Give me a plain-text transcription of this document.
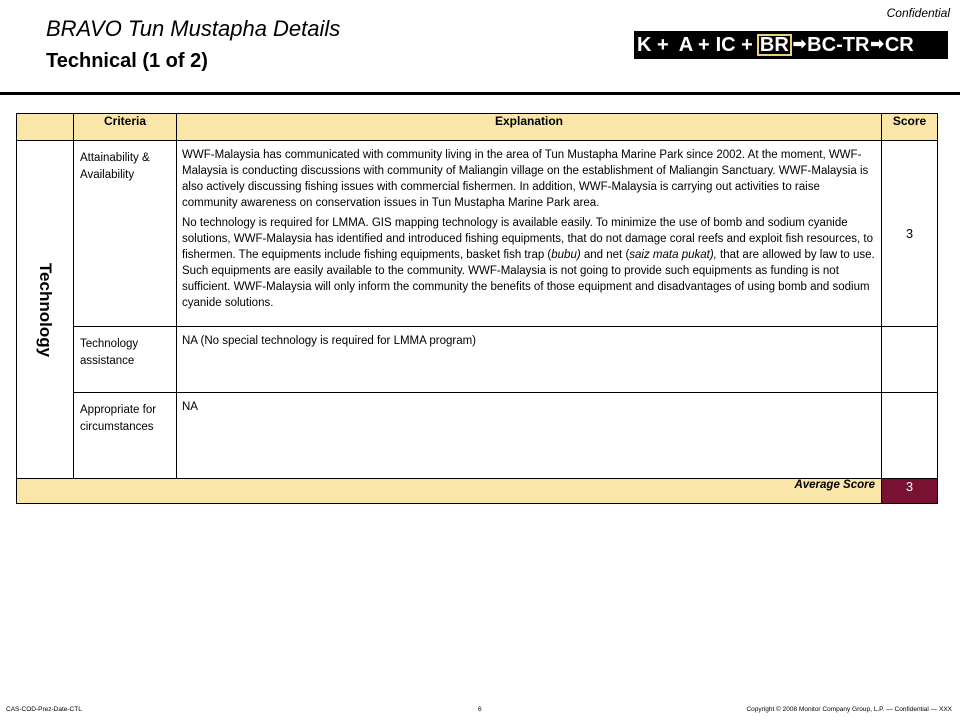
Confidential
BRAVO Tun Mustapha Details
Technical (1 of 2)
K + A + IC + BR ➡ BC - TR ➡ CR
	Criteria	Explanation	Score

Technology	Attainability & Availability	WWF-Malaysia has communicated with community living in the area of Tun Mustapha Marine Park since 2002. At the moment, WWF-Malaysia is conducting discussions with community of Maliangin village on the establishment of Maliangin Sanctuary. WWF-Malaysia is also actively discussing fishing issues with commercial fishermen. In addition, WWF-Malaysia is carrying out activities to raise community awareness on conservation issues in Tun Mustapha Marine Park area.

No technology is required for LMMA. GIS mapping technology is available easily. To minimize the use of bomb and sodium cyanide solutions, WWF-Malaysia has identified and introduced fishing equipments, that do not damage coral reefs and exploit fish resources, to fishermen. The equipments include fishing equipments, basket fish trap (bubu) and net (saiz mata pukat), that are allowed by law to use. Such equipments are easily available to the community. WWF-Malaysia is not going to provide such equipments as funding is not sufficient. WWF-Malaysia will only inform the community the benefits of those equipment and disadvantages of using bomb and sodium cyanide solutions.	3
	Technology assistance	NA (No special technology is required for LMMA program)	
	Appropriate for circumstances	NA	
Average Score			3
CAS-COD-Prez-Date-CTL	6	Copyright © 2008 Monitor Company Group, L.P. — Confidential — XXX
